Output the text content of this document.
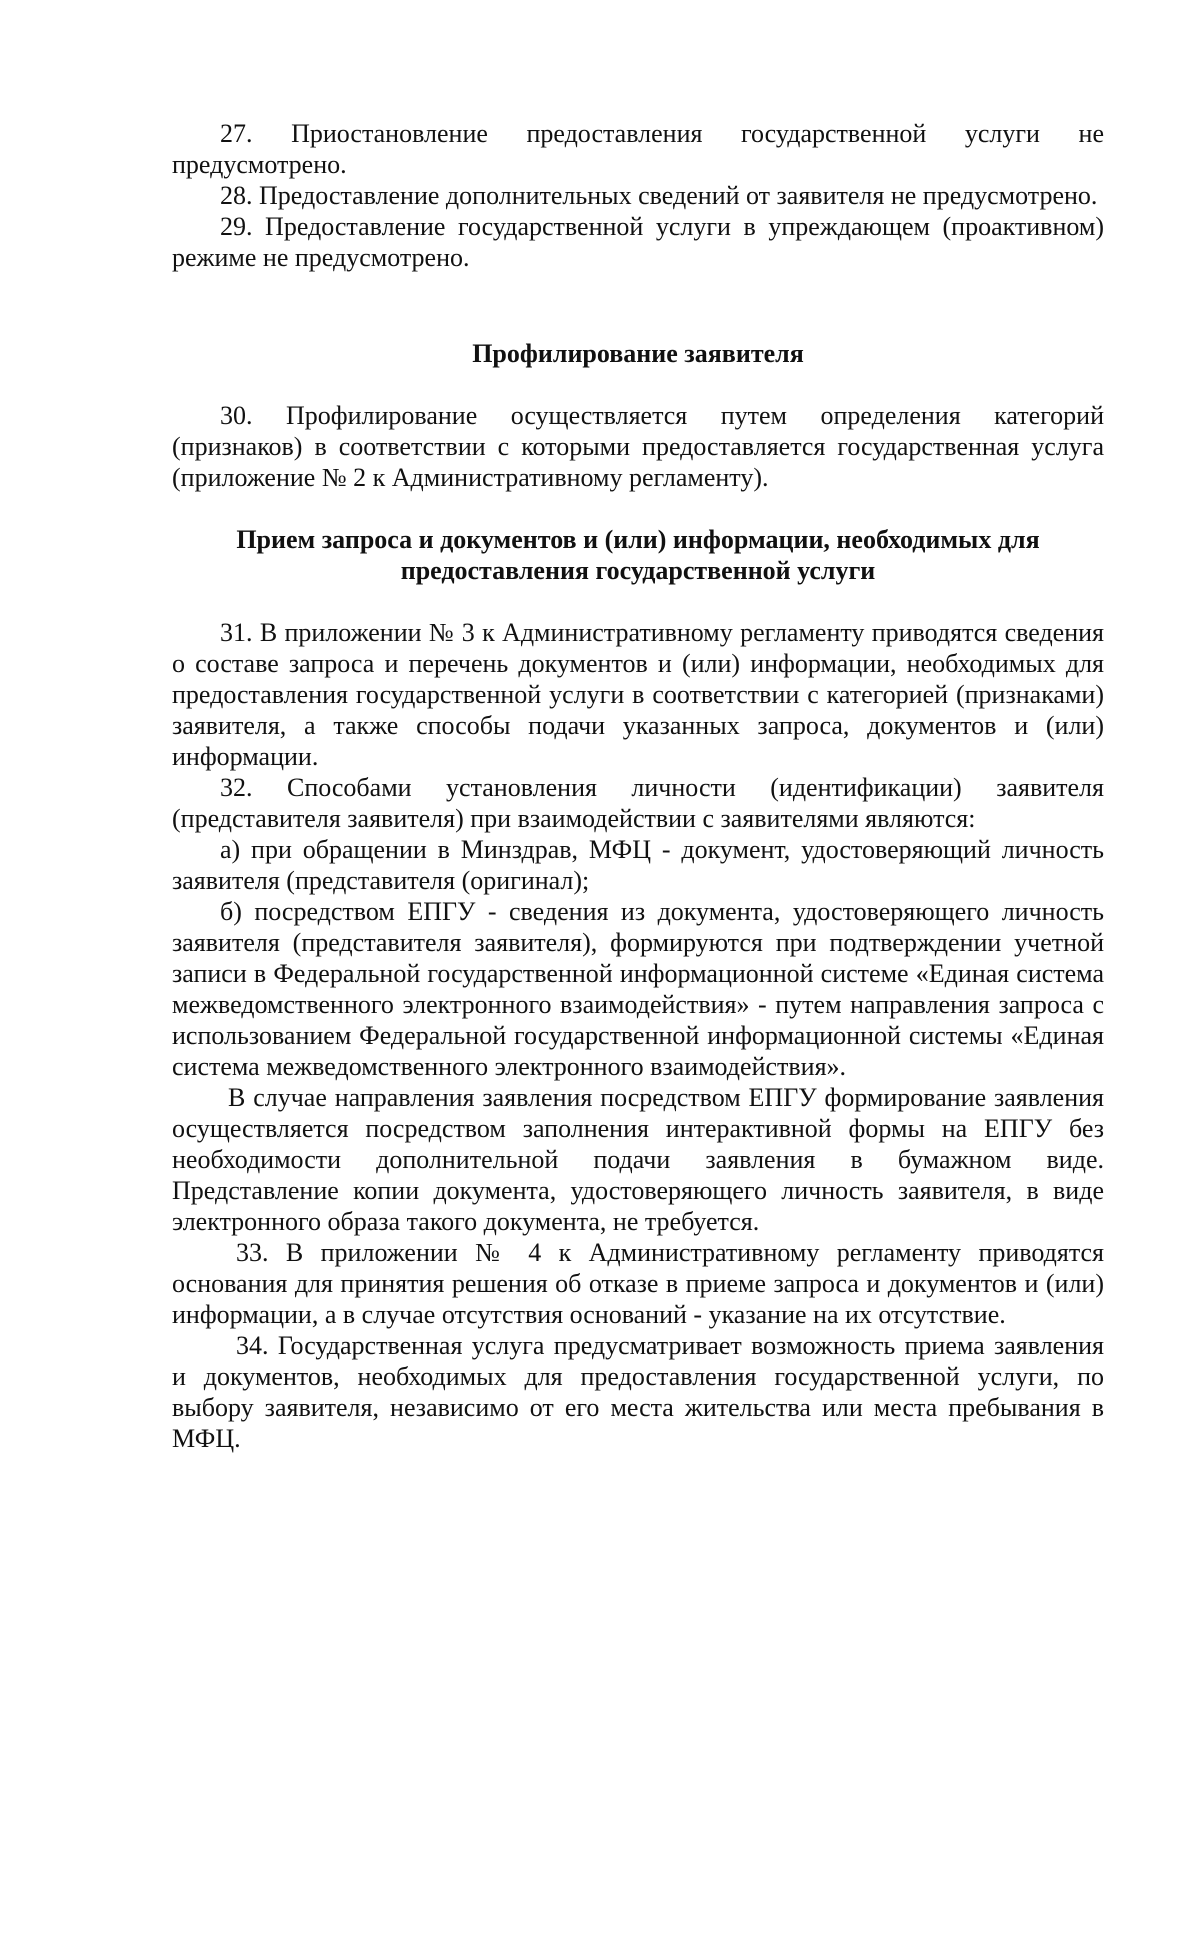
27. Приостановление предоставления государственной услуги не предусмотрено.

28. Предоставление дополнительных сведений от заявителя не предусмотрено.

29. Предоставление государственной услуги в упреждающем (проактивном) режиме не предусмотрено.

Профилирование заявителя

30. Профилирование осуществляется путем определения категорий (признаков) в соответствии с которыми предоставляется государственная услуга (приложение № 2 к Административному регламенту).

Прием запроса и документов и (или) информации, необходимых для предоставления государственной услуги

31. В приложении № 3 к Административному регламенту приводятся сведения о составе запроса и перечень документов и (или) информации, необходимых для предоставления государственной услуги в соответствии с категорией (признаками) заявителя, а также способы подачи указанных запроса, документов и (или) информации.

32. Способами установления личности (идентификации) заявителя (представителя заявителя) при взаимодействии с заявителями являются:

а) при обращении в Минздрав, МФЦ - документ, удостоверяющий личность заявителя (представителя (оригинал);

б) посредством ЕПГУ - сведения из документа, удостоверяющего личность заявителя (представителя заявителя), формируются при подтверждении учетной записи в Федеральной государственной информационной системе «Единая система межведомственного электронного взаимодействия» - путем направления запроса с использованием Федеральной государственной информационной системы «Единая система межведомственного электронного взаимодействия».

В случае направления заявления посредством ЕПГУ формирование заявления осуществляется посредством заполнения интерактивной формы на ЕПГУ без необходимости дополнительной подачи заявления в бумажном виде. Представление копии документа, удостоверяющего личность заявителя, в виде электронного образа такого документа, не требуется.

33. В приложении № 4 к Административному регламенту приводятся основания для принятия решения об отказе в приеме запроса и документов и (или) информации, а в случае отсутствия оснований - указание на их отсутствие.

34. Государственная услуга предусматривает возможность приема заявления и документов, необходимых для предоставления государственной услуги, по выбору заявителя, независимо от его места жительства или места пребывания в МФЦ.
